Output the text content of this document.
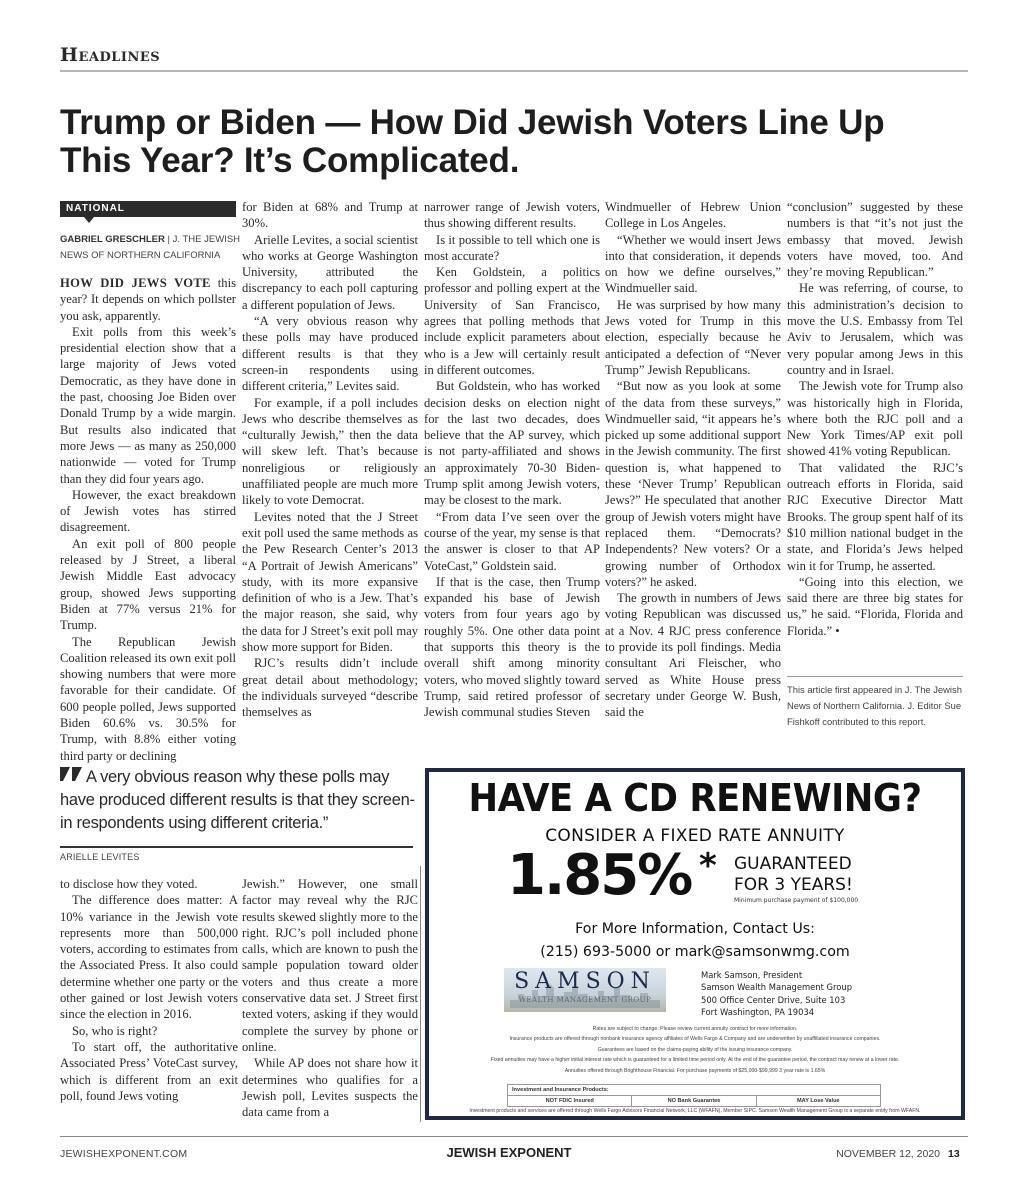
Headlines
Trump or Biden — How Did Jewish Voters Line Up This Year? It’s Complicated.
NATIONAL
GABRIEL GRESCHLER | J. THE JEWISH NEWS OF NORTHERN CALIFORNIA

HOW DID JEWS VOTE this year? It depends on which pollster you ask, apparently.

Exit polls from this week’s presidential election show that a large majority of Jews voted Democratic, as they have done in the past, choosing Joe Biden over Donald Trump by a wide margin. But results also indicated that more Jews — as many as 250,000 nationwide — voted for Trump than they did four years ago.

However, the exact breakdown of Jewish votes has stirred disagreement.

An exit poll of 800 people released by J Street, a liberal Jewish Middle East advocacy group, showed Jews supporting Biden at 77% versus 21% for Trump.

The Republican Jewish Coalition released its own exit poll showing numbers that were more favorable for their candidate. Of 600 people polled, Jews supported Biden 60.6% vs. 30.5% for Trump, with 8.8% either voting third party or declining

for Biden at 68% and Trump at 30%.

Arielle Levites, a social scientist who works at George Washington University, attributed the discrepancy to each poll capturing a different population of Jews.

“A very obvious reason why these polls may have produced different results is that they screen-in respondents using different criteria,” Levites said.

For example, if a poll includes Jews who describe themselves as “culturally Jewish,” then the data will skew left. That’s because nonreligious or religiously unaffiliated people are much more likely to vote Democrat.

Levites noted that the J Street exit poll used the same methods as the Pew Research Center’s 2013 “A Portrait of Jewish Americans” study, with its more expansive definition of who is a Jew. That’s the major reason, she said, why the data for J Street’s exit poll may show more support for Biden.

RJC’s results didn’t include great detail about methodology; the individuals surveyed “describe themselves as

narrower range of Jewish voters, thus showing different results.

Is it possible to tell which one is most accurate?

Ken Goldstein, a politics professor and polling expert at the University of San Francisco, agrees that polling methods that include explicit parameters about who is a Jew will certainly result in different outcomes.

But Goldstein, who has worked decision desks on election night for the last two decades, does believe that the AP survey, which is not party-affiliated and shows an approximately 70-30 Biden-Trump split among Jewish voters, may be closest to the mark.

“From data I’ve seen over the course of the year, my sense is that the answer is closer to that AP VoteCast,” Goldstein said.

If that is the case, then Trump expanded his base of Jewish voters from four years ago by roughly 5%. One other data point that supports this theory is the overall shift among minority voters, who moved slightly toward Trump, said retired professor of Jewish communal studies Steven

Windmueller of Hebrew Union College in Los Angeles.

“Whether we would insert Jews into that consideration, it depends on how we define ourselves,” Windmueller said.

He was surprised by how many Jews voted for Trump in this election, especially because he anticipated a defection of “Never Trump” Jewish Republicans.

“But now as you look at some of the data from these surveys,” Windmueller said, “it appears he’s picked up some additional support in the Jewish community. The first question is, what happened to these ‘Never Trump’ Republican Jews?” He speculated that another group of Jewish voters might have replaced them. “Democrats? Independents? New voters? Or a growing number of Orthodox voters?” he asked.

The growth in numbers of Jews voting Republican was discussed at a Nov. 4 RJC press conference to provide its poll findings. Media consultant Ari Fleischer, who served as White House press secretary under George W. Bush, said the

“conclusion” suggested by these numbers is that “it’s not just the embassy that moved. Jewish voters have moved, too. And they’re moving Republican.”

He was referring, of course, to this administration’s decision to move the U.S. Embassy from Tel Aviv to Jerusalem, which was very popular among Jews in this country and in Israel.

The Jewish vote for Trump also was historically high in Florida, where both the RJC poll and a New York Times/AP exit poll showed 41% voting Republican.

That validated the RJC’s outreach efforts in Florida, said RJC Executive Director Matt Brooks. The group spent half of its $10 million national budget in the state, and Florida’s Jews helped win it for Trump, he asserted.

“Going into this election, we said there are three big states for us,” he said. “Florida, Florida and Florida.” •

This article first appeared in J. The Jewish News of Northern California. J. Editor Sue Fishkoff contributed to this report.
A very obvious reason why these polls may have produced different results is that they screen-in respondents using different criteria.”
ARIELLE LEVITES

to disclose how they voted.

The difference does matter: A 10% variance in the Jewish vote represents more than 500,000 voters, according to estimates from the Associated Press. It also could determine whether one party or the other gained or lost Jewish voters since the election in 2016.

So, who is right?

To start off, the authoritative Associated Press’ VoteCast survey, which is different from an exit poll, found Jews voting

Jewish.” However, one small factor may reveal why the RJC results skewed slightly more to the right. RJC’s poll included phone calls, which are known to push the sample population toward older voters and thus create a more conservative data set. J Street first texted voters, asking if they would complete the survey by phone or online.

While AP does not share how it determines who qualifies for a Jewish poll, Levites suspects the data came from a

HAVE A CD RENEWING?
CONSIDER A FIXED RATE ANNUITY
1.85% * GUARANTEED
FOR 3 YEARS!
Minimum purchase payment of $100,000
For More Information, Contact Us:
(215) 693-5000 or mark@samsonwmg.com
SAMSON
WEALTH MANAGEMENT GROUP
Mark Samson, President
Samson Wealth Management Group
500 Office Center Drive, Suite 103
Fort Washington, PA 19034
Rates are subject to change. Please review current annuity contract for more information.
Insurance products are offered through nonbank insurance agency affiliates of Wells Fargo & Company and are underwritten by unaffiliated insurance companies.
Guarantees are based on the claims-paying ability of the issuing insurance company.
Fixed annuities may have a higher initial interest rate which is guaranteed for a limited time period only. At the end of the guarantee period, the contract may renew at a lower rate.
Annuities offered through Brighthouse Financial. For purchase payments of $25,000-$99,999 3 year rate is 1.65%
Investment and Insurance Products:
NOT FDIC Insured	NO Bank Guarantee	MAY Lose Value
Investment products and services are offered through Wells Fargo Advisors Financial Network, LLC (WFAFN), Member SIPC. Samson Wealth Management Group is a separate entity from WFAFN.
JEWISHEXPONENT.COM	JEWISH EXPONENT	NOVEMBER 12, 2020 13
